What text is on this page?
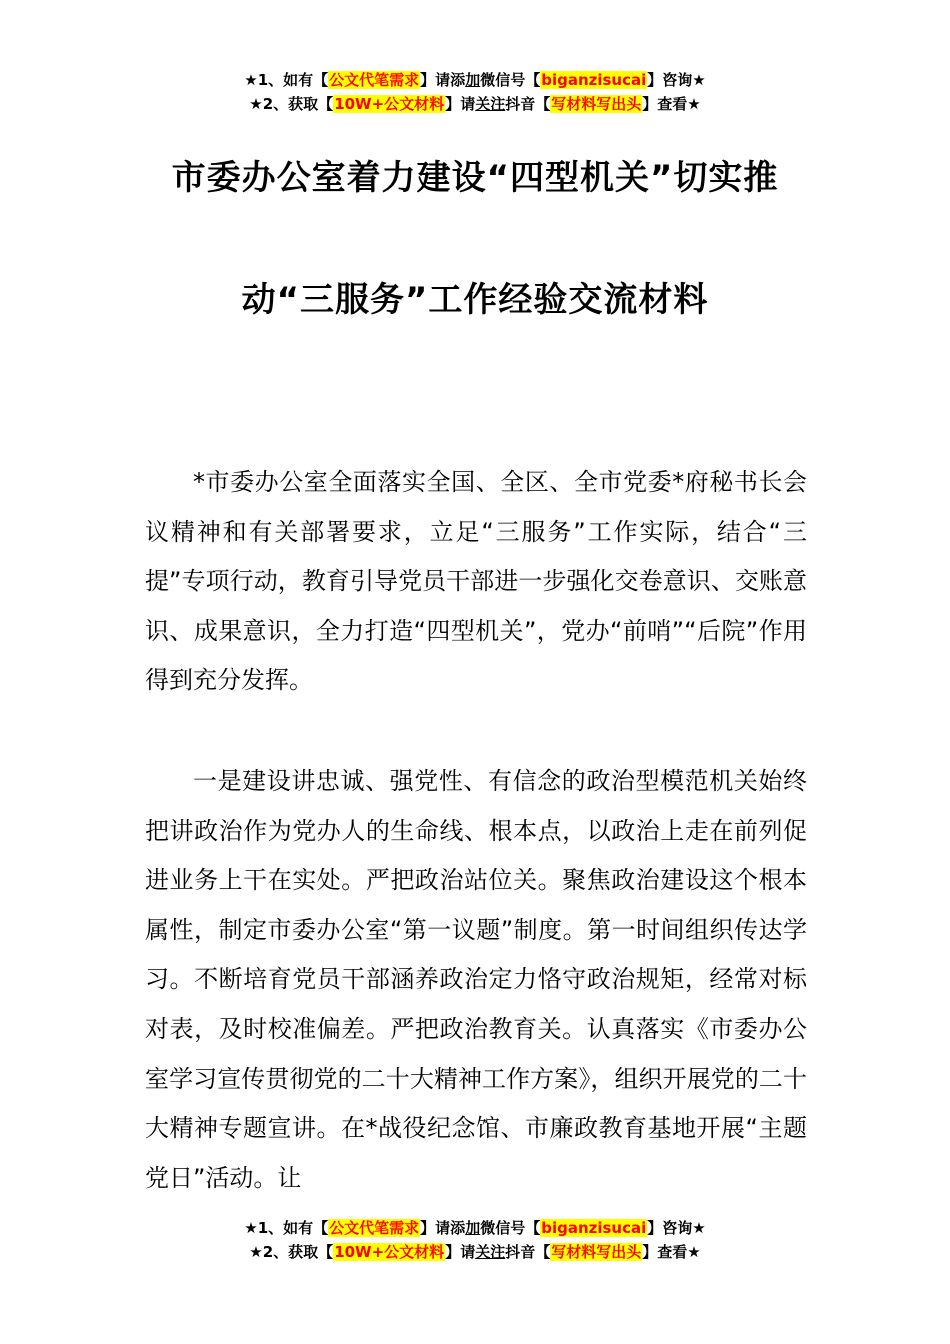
★1、如有【公文代笔需求】请添加微信号【biganzisucai】咨询★
★2、获取【10W+公文材料】请关注抖音【写材料写出头】查看★
市委办公室着力建设“四型机关”切实推
动“三服务”工作经验交流材料

*市委办公室全面落实全国、全区、全市党委*府秘书长会议精神和有关部署要求，立足“三服务”工作实际，结合“三提”专项行动，教育引导党员干部进一步强化交卷意识、交账意识、成果意识，全力打造“四型机关”，党办“前哨”“后院”作用得到充分发挥。

一是建设讲忠诚、强党性、有信念的政治型模范机关始终把讲政治作为党办人的生命线、根本点，以政治上走在前列促进业务上干在实处。严把政治站位关。聚焦政治建设这个根本属性，制定市委办公室“第一议题”制度。第一时间组织传达学习。不断培育党员干部涵养政治定力恪守政治规矩，经常对标对表，及时校准偏差。严把政治教育关。认真落实《市委办公室学习宣传贯彻党的二十大精神工作方案》，组织开展党的二十大精神专题宣讲。在*战役纪念馆、市廉政教育基地开展“主题党日”活动。让

★1、如有【公文代笔需求】请添加微信号【biganzisucai】咨询★
★2、获取【10W+公文材料】请关注抖音【写材料写出头】查看★
